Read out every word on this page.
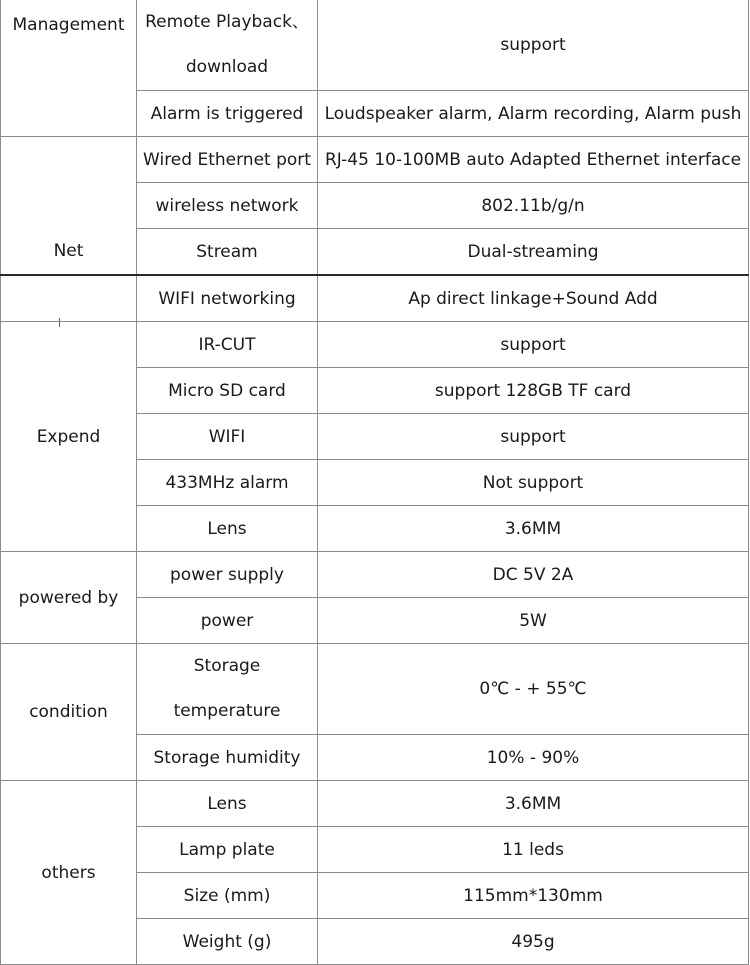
Management	Remote Playback、download	support
	Alarm is triggered	Loudspeaker alarm, Alarm recording, Alarm push

Net	Wired Ethernet port	RJ-45 10-100MB auto Adapted Ethernet interface
	wireless network	802.11b/g/n
	Stream	Dual-streaming
	WIFI networking	Ap direct linkage+Sound Add
Expend	IR-CUT	support
	Micro SD card	support 128GB TF card
	WIFI	support
	433MHz alarm	Not support
	Lens	3.6MM
powered by	power supply	DC 5V 2A
	power	5W
condition	Storage temperature	0℃ - + 55℃
	Storage humidity	10% - 90%
others	Lens	3.6MM
	Lamp plate	11 leds
	Size (mm)	115mm*130mm
	Weight (g)	495g
